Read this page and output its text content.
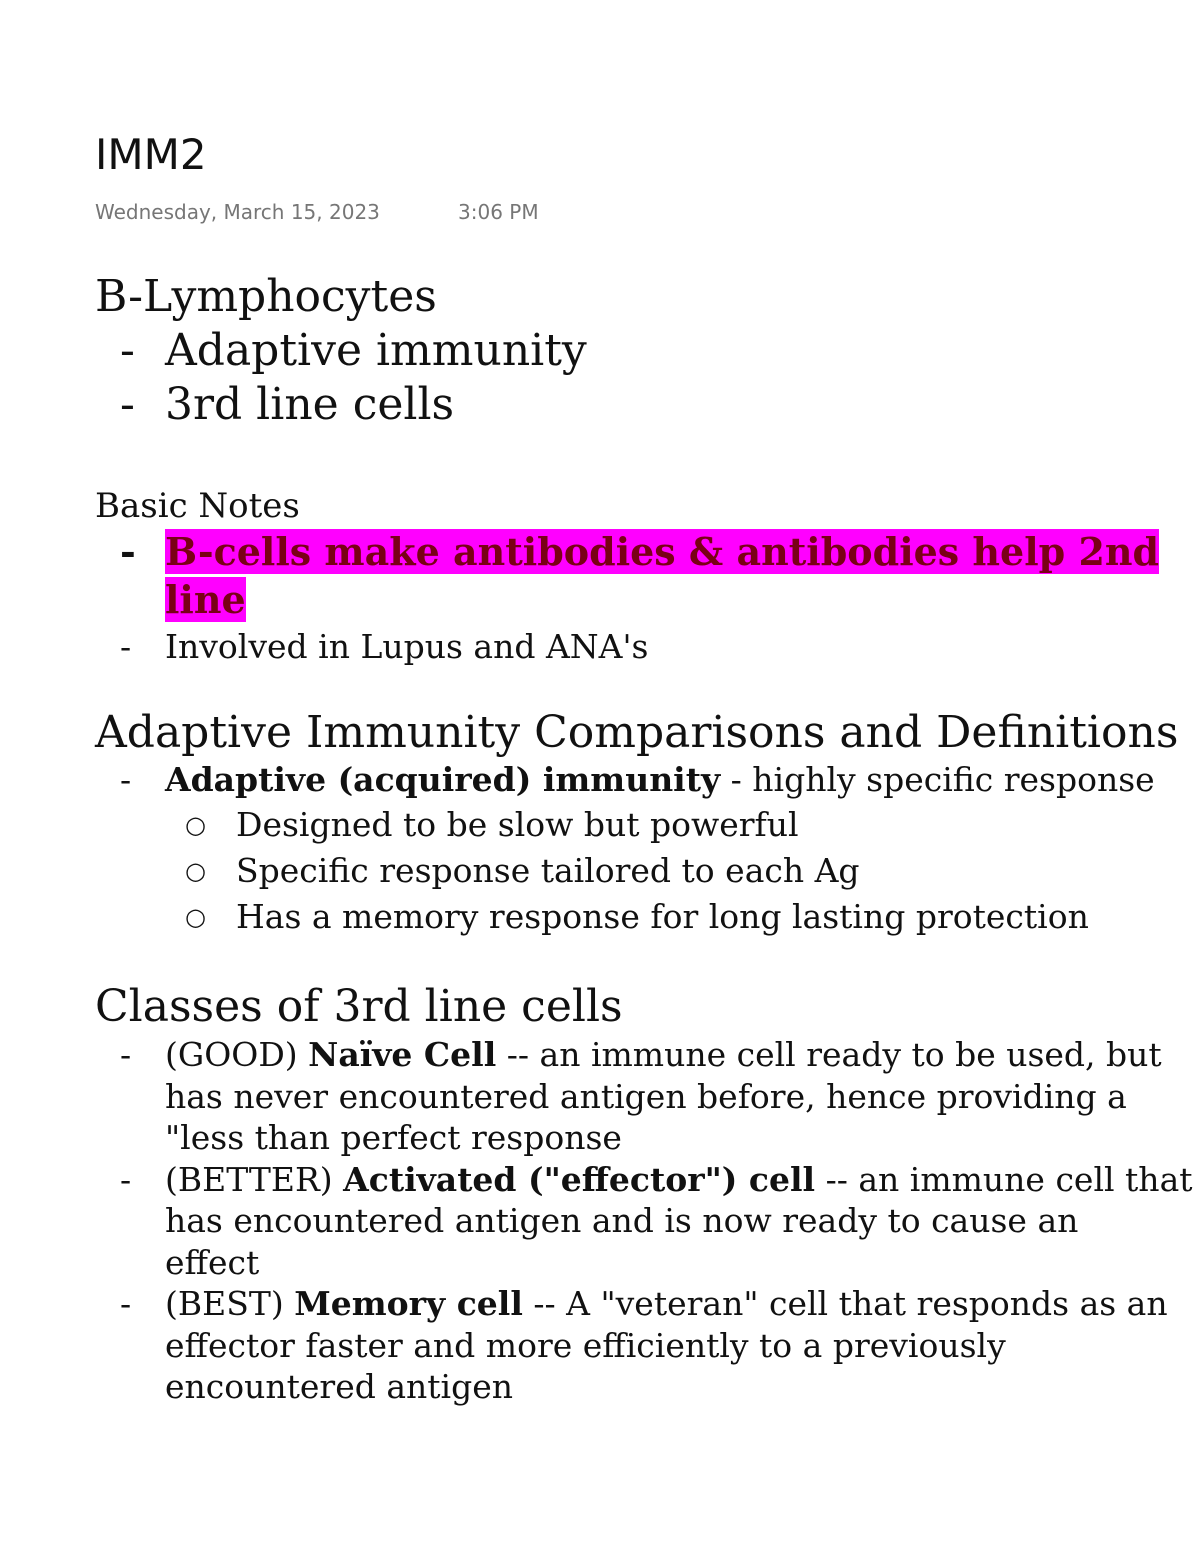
IMM2
Wednesday, March 15, 2023	3:06 PM
B-Lymphocytes
- Adaptive immunity
- 3rd line cells
Basic Notes
- B-cells make antibodies & antibodies help 2nd
line
- Involved in Lupus and ANA's
Adaptive Immunity Comparisons and Definitions
- Adaptive (acquired) immunity - highly specific response
○ Designed to be slow but powerful
○ Specific response tailored to each Ag
○ Has a memory response for long lasting protection
Classes of 3rd line cells
- (GOOD) Naïve Cell -- an immune cell ready to be used, but
has never encountered antigen before, hence providing a
"less than perfect response
- (BETTER) Activated ("effector") cell -- an immune cell that
has encountered antigen and is now ready to cause an
effect
- (BEST) Memory cell -- A "veteran" cell that responds as an
effector faster and more efficiently to a previously
encountered antigen
